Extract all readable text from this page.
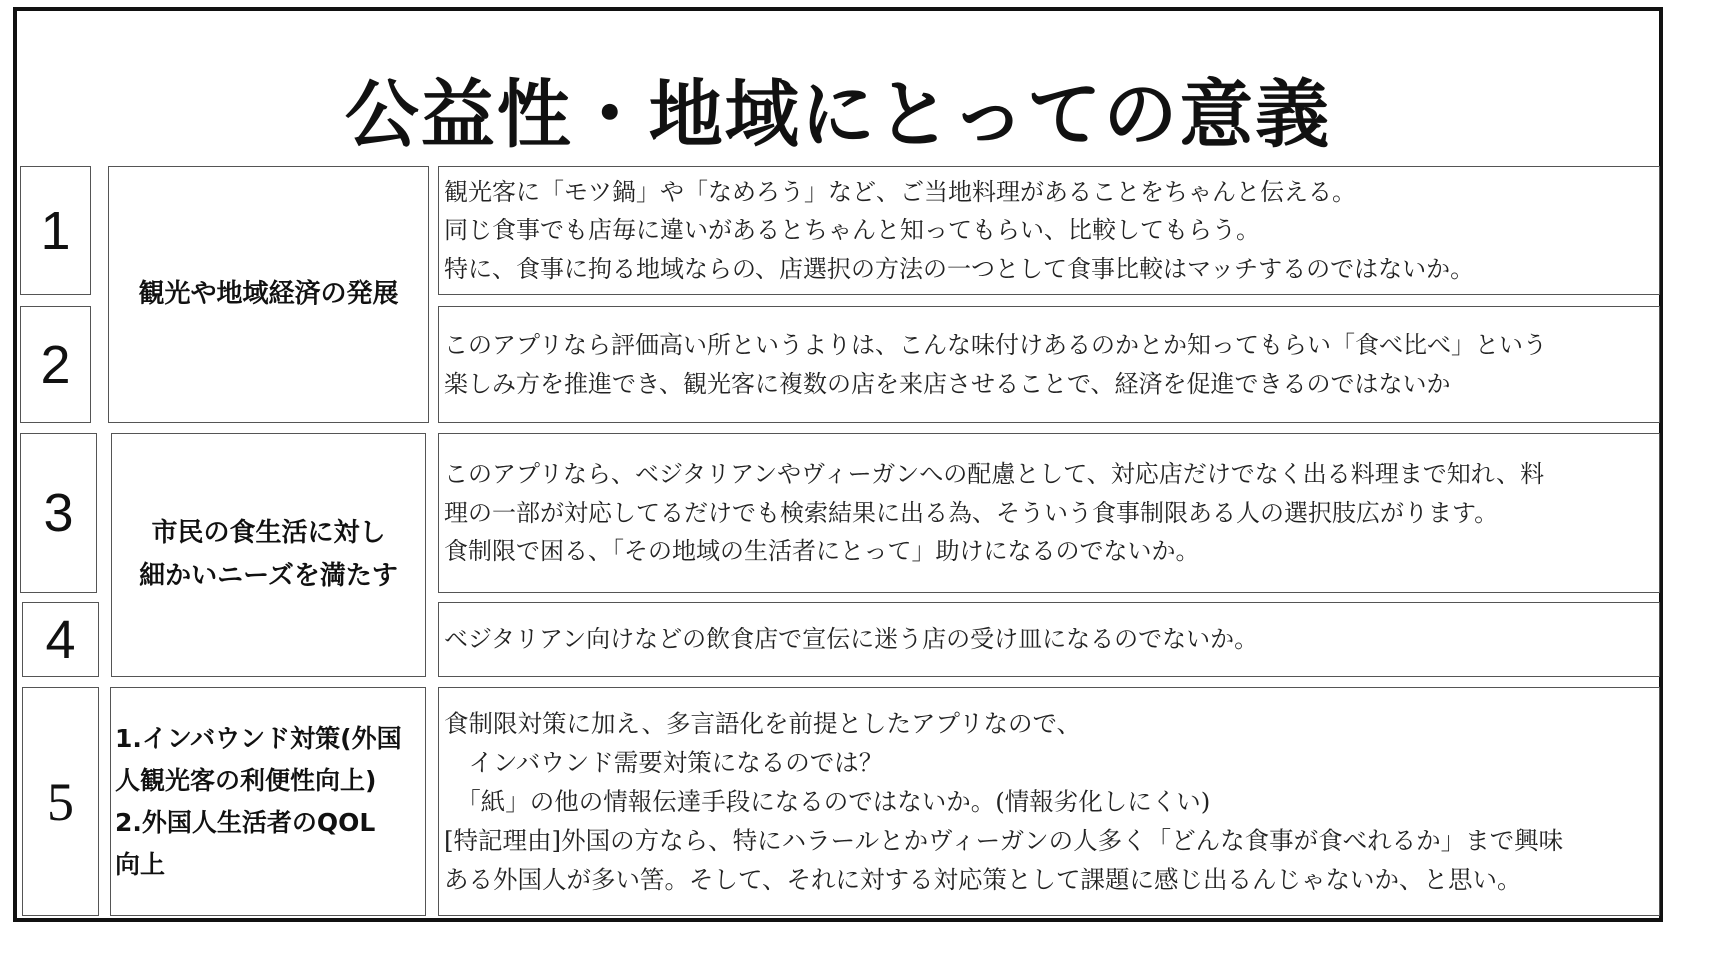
公益性・地域にとっての意義
1
観光客に「モツ鍋」や「なめろう」など、ご当地料理があることをちゃんと伝える。
同じ食事でも店毎に違いがあるとちゃんと知ってもらい、比較してもらう。
特に、食事に拘る地域ならの、店選択の方法の一つとして食事比較はマッチするのではないか。
観光や地域経済の発展
2	このアプリなら評価高い所というよりは、こんな味付けあるのかとか知ってもらい「食べ比べ」という
楽しみ方を推進でき、観光客に複数の店を来店させることで、経済を促進できるのではないか
3
このアプリなら、ベジタリアンやヴィーガンへの配慮として、対応店だけでなく出る料理まで知れ、料
理の一部が対応してるだけでも検索結果に出る為、そういう食事制限ある人の選択肢広がります。
食制限で困る、「その地域の生活者にとって」助けになるのでないか。
市民の食生活に対し
細かいニーズを満たす
4	ベジタリアン向けなどの飲食店で宣伝に迷う店の受け皿になるのでないか。
5
1.インバウンド対策(外国
人観光客の利便性向上)
2.外国人生活者のQOL
向上
食制限対策に加え、多言語化を前提としたアプリなので、
　インバウンド需要対策になるのでは？
　「紙」の他の情報伝達手段になるのではないか。(情報劣化しにくい)
[特記理由]外国の方なら、特にハラールとかヴィーガンの人多く「どんな食事が食べれるか」まで興味
ある外国人が多い筈。そして、それに対する対応策として課題に感じ出るんじゃないか、と思い。
